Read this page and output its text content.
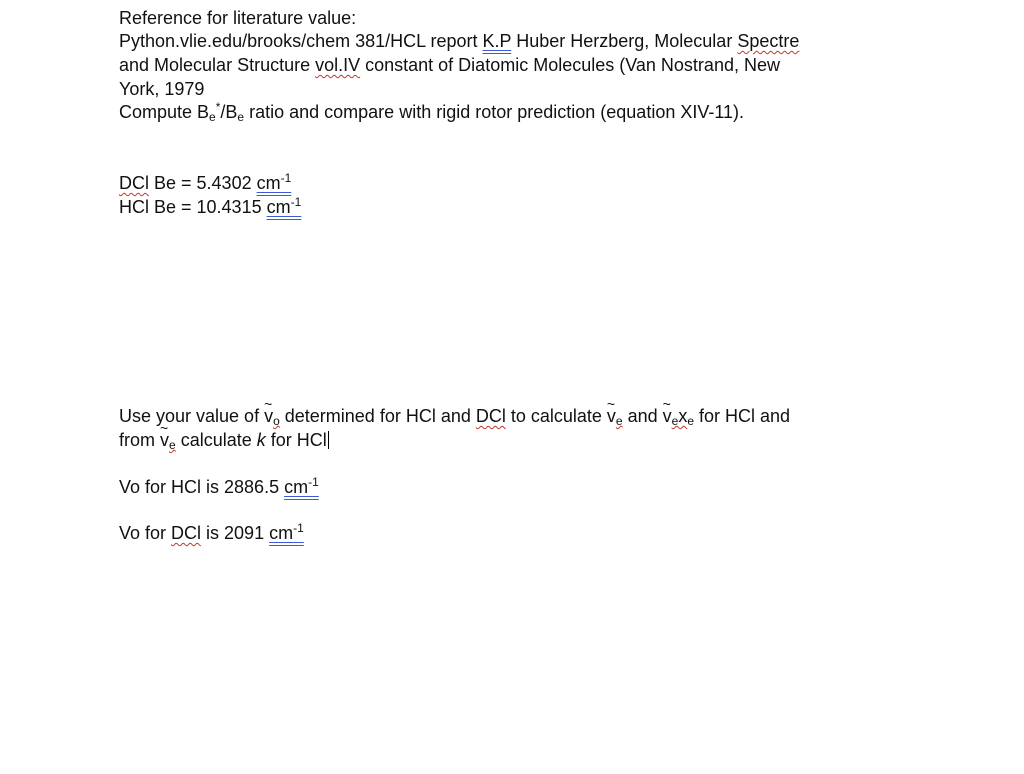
Reference for literature value:
Python.vlie.edu/brooks/chem 381/HCL report K.P Huber Herzberg, Molecular Spectre
and Molecular Structure vol.IV constant of Diatomic Molecules (Van Nostrand, New
York, 1979
Compute $B_e^*/B_e$ ratio and compare with rigid rotor prediction (equation XIV-11).
DCl Be = 5.4302 $cm^{-1}$
HCl Be = 10.4315 $cm^{-1}$
Use your value of ~ vo determined for HCl and DCl to calculate ~ ve and ~ vexe for HCl and
from ~ ve calculate k for HCl
Vo for HCl is 2886.5 $cm^{-1}$
Vo for DCl is 2091 $cm^{-1}$
